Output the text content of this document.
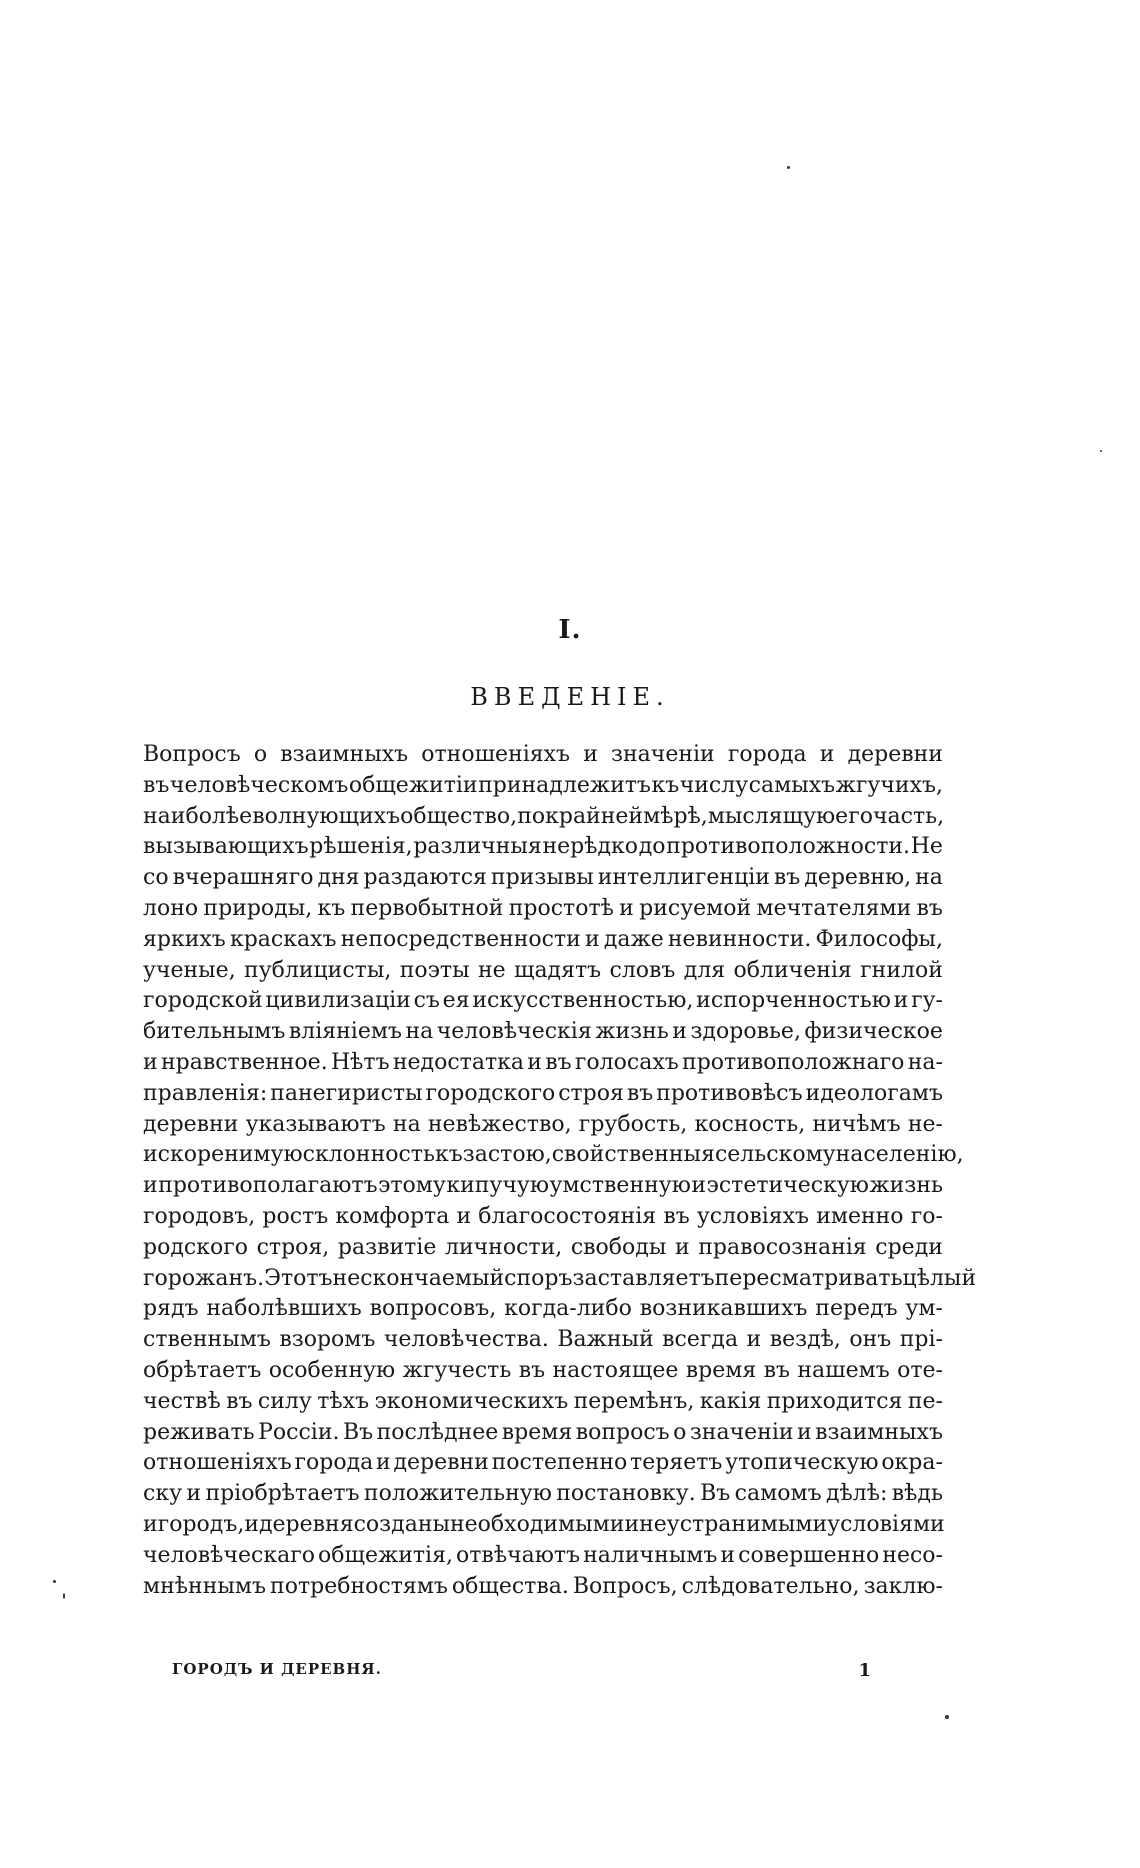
I.
ВВЕДЕНІЕ.
Вопросъ о взаимныхъ отношеніяхъ и значеніи города и деревни
въ человѣческомъ общежитіи принадлежитъ къ числу самыхъ жгучихъ,
наиболѣе волнующихъ общество, по крайней мѣрѣ, мыслящую его часть,
вызывающихъ рѣшенія, различныя нерѣдко до противоположности. Не
со вчерашняго дня раздаются призывы интеллигенціи въ деревню, на
лоно природы, къ первобытной простотѣ и рисуемой мечтателями въ
яркихъ краскахъ непосредственности и даже невинности. Философы,
ученые, публицисты, поэты не щадятъ словъ для обличенія гнилой
городской цивилизаціи съ ея искусственностью, испорченностью и гу-
бительнымъ вліяніемъ на человѣческія жизнь и здоровье, физическое
и нравственное. Нѣтъ недостатка и въ голосахъ противоположнаго на-
правленія: панегиристы городского строя въ противовѣсъ идеологамъ
деревни указываютъ на невѣжество, грубость, косность, ничѣмъ не-
искоренимую склонность къ застою, свойственныя сельскому населенію,
и противополагаютъ этому кипучую умственную и эстетическую жизнь
городовъ, ростъ комфорта и благосостоянія въ условіяхъ именно го-
родского строя, развитіе личности, свободы и правосознанія среди
горожанъ. Этотъ нескончаемый споръ заставляетъ пересматривать цѣлый
рядъ наболѣвшихъ вопросовъ, когда-либо возникавшихъ передъ ум-
ственнымъ взоромъ человѣчества. Важный всегда и вездѣ, онъ прі-
обрѣтаетъ особенную жгучесть въ настоящее время въ нашемъ оте-
чествѣ въ силу тѣхъ экономическихъ перемѣнъ, какія приходится пе-
реживать Россіи. Въ послѣднее время вопросъ о значеніи и взаимныхъ
отношеніяхъ города и деревни постепенно теряетъ утопическую окра-
ску и пріобрѣтаетъ положительную постановку. Въ самомъ дѣлѣ: вѣдь
и городъ, и деревня созданы необходимыми и неустранимыми условіями
человѣческаго общежитія, отвѣчаютъ наличнымъ и совершенно несо-
мнѣннымъ потребностямъ общества. Вопросъ, слѣдовательно, заклю-
ГОРОДЪ И ДЕРЕВНЯ.	1
